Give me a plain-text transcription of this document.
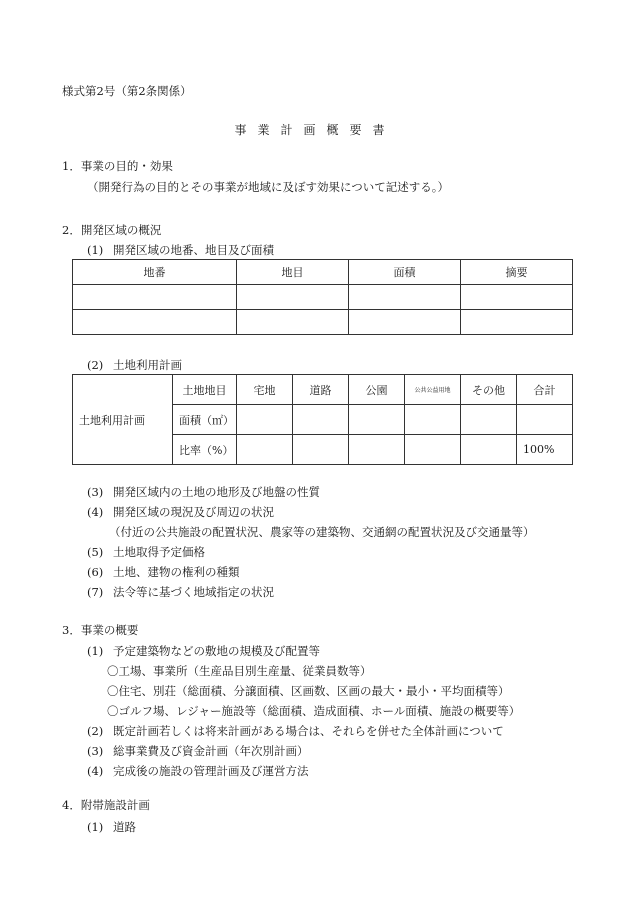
様式第2号（第2条関係）
事業計画概要書
1．事業の目的・効果
（開発行為の目的とその事業が地域に及ぼす効果について記述する。）
2．開発区域の概況
(1) 開発区域の地番、地目及び面積
地番	地目	面積	摘要

(2) 土地利用計画
土地利用計画	土地地目	宅地	道路	公園	公共公益用地	その他	合計
	面積（㎡）						
	比率（%）						100%
(3) 開発区域内の土地の地形及び地盤の性質
(4) 開発区域の現況及び周辺の状況
（付近の公共施設の配置状況、農家等の建築物、交通網の配置状況及び交通量等）
(5) 土地取得予定価格
(6) 土地、建物の権利の種類
(7) 法令等に基づく地域指定の状況
3．事業の概要
(1) 予定建築物などの敷地の規模及び配置等
〇工場、事業所（生産品目別生産量、従業員数等）
〇住宅、別荘（総面積、分譲面積、区画数、区画の最大・最小・平均面積等）
〇ゴルフ場、レジャー施設等（総面積、造成面積、ホール面積、施設の概要等）
(2) 既定計画若しくは将来計画がある場合は、それらを併せた全体計画について
(3) 総事業費及び資金計画（年次別計画）
(4) 完成後の施設の管理計画及び運営方法
4．附帯施設計画
(1) 道路
